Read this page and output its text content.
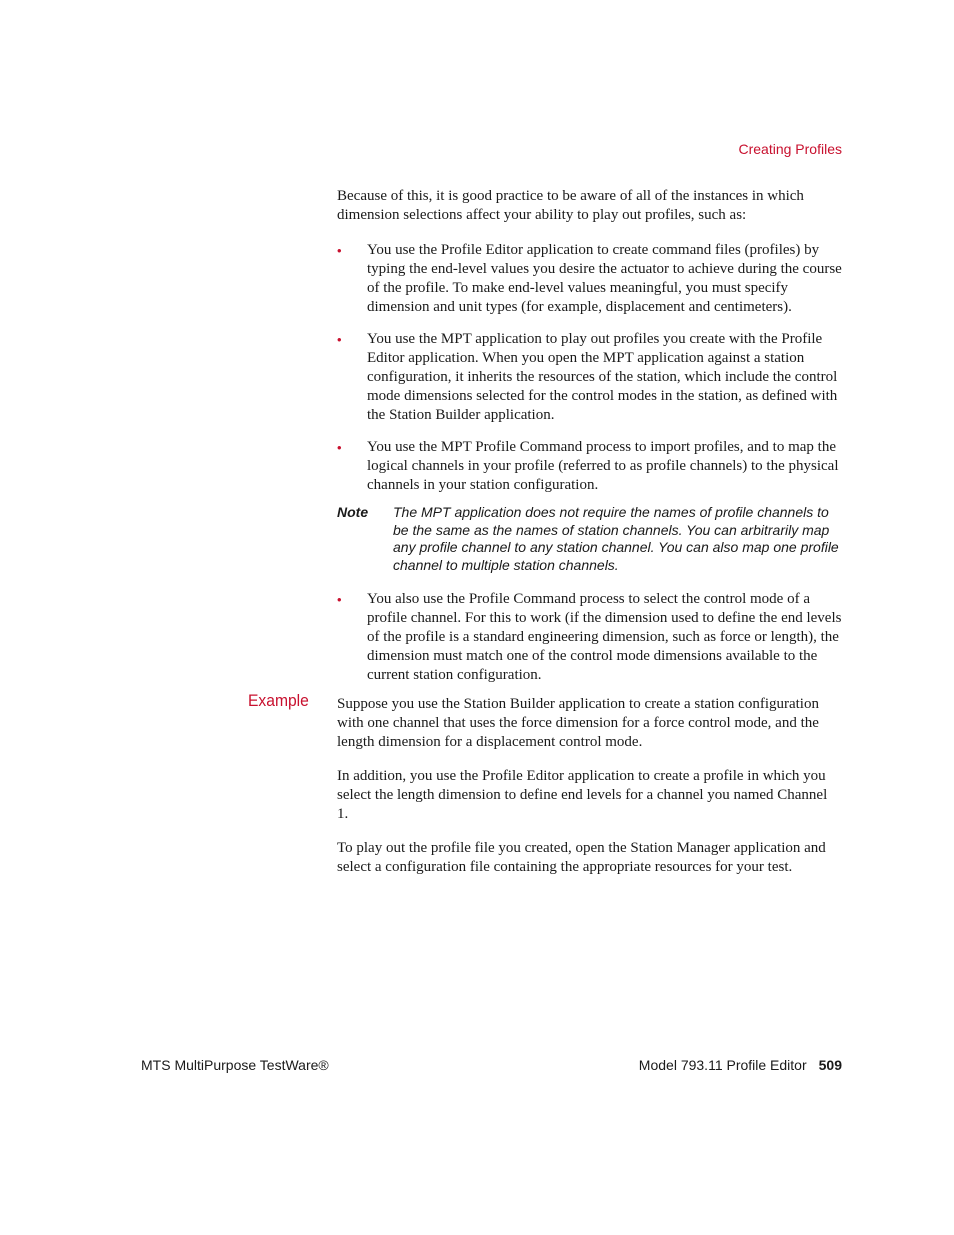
Creating Profiles

Because of this, it is good practice to be aware of all of the instances in which dimension selections affect your ability to play out profiles, such as:

• You use the Profile Editor application to create command files (profiles) by typing the end-level values you desire the actuator to achieve during the course of the profile. To make end-level values meaningful, you must specify dimension and unit types (for example, displacement and centimeters).

• You use the MPT application to play out profiles you create with the Profile Editor application. When you open the MPT application against a station configuration, it inherits the resources of the station, which include the control mode dimensions selected for the control modes in the station, as defined with the Station Builder application.

• You use the MPT Profile Command process to import profiles, and to map the logical channels in your profile (referred to as profile channels) to the physical channels in your station configuration.

Note	The MPT application does not require the names of profile channels to be the same as the names of station channels. You can arbitrarily map any profile channel to any station channel. You can also map one profile channel to multiple station channels.
• You also use the Profile Command process to select the control mode of a profile channel. For this to work (if the dimension used to define the end levels of the profile is a standard engineering dimension, such as force or length), the dimension must match one of the control mode dimensions available to the current station configuration.

Example Suppose you use the Station Builder application to create a station configuration with one channel that uses the force dimension for a force control mode, and the length dimension for a displacement control mode.

In addition, you use the Profile Editor application to create a profile in which you select the length dimension to define end levels for a channel you named Channel 1.

To play out the profile file you created, open the Station Manager application and select a configuration file containing the appropriate resources for your test.

MTS MultiPurpose TestWare®	Model 793.11 Profile Editor 509
